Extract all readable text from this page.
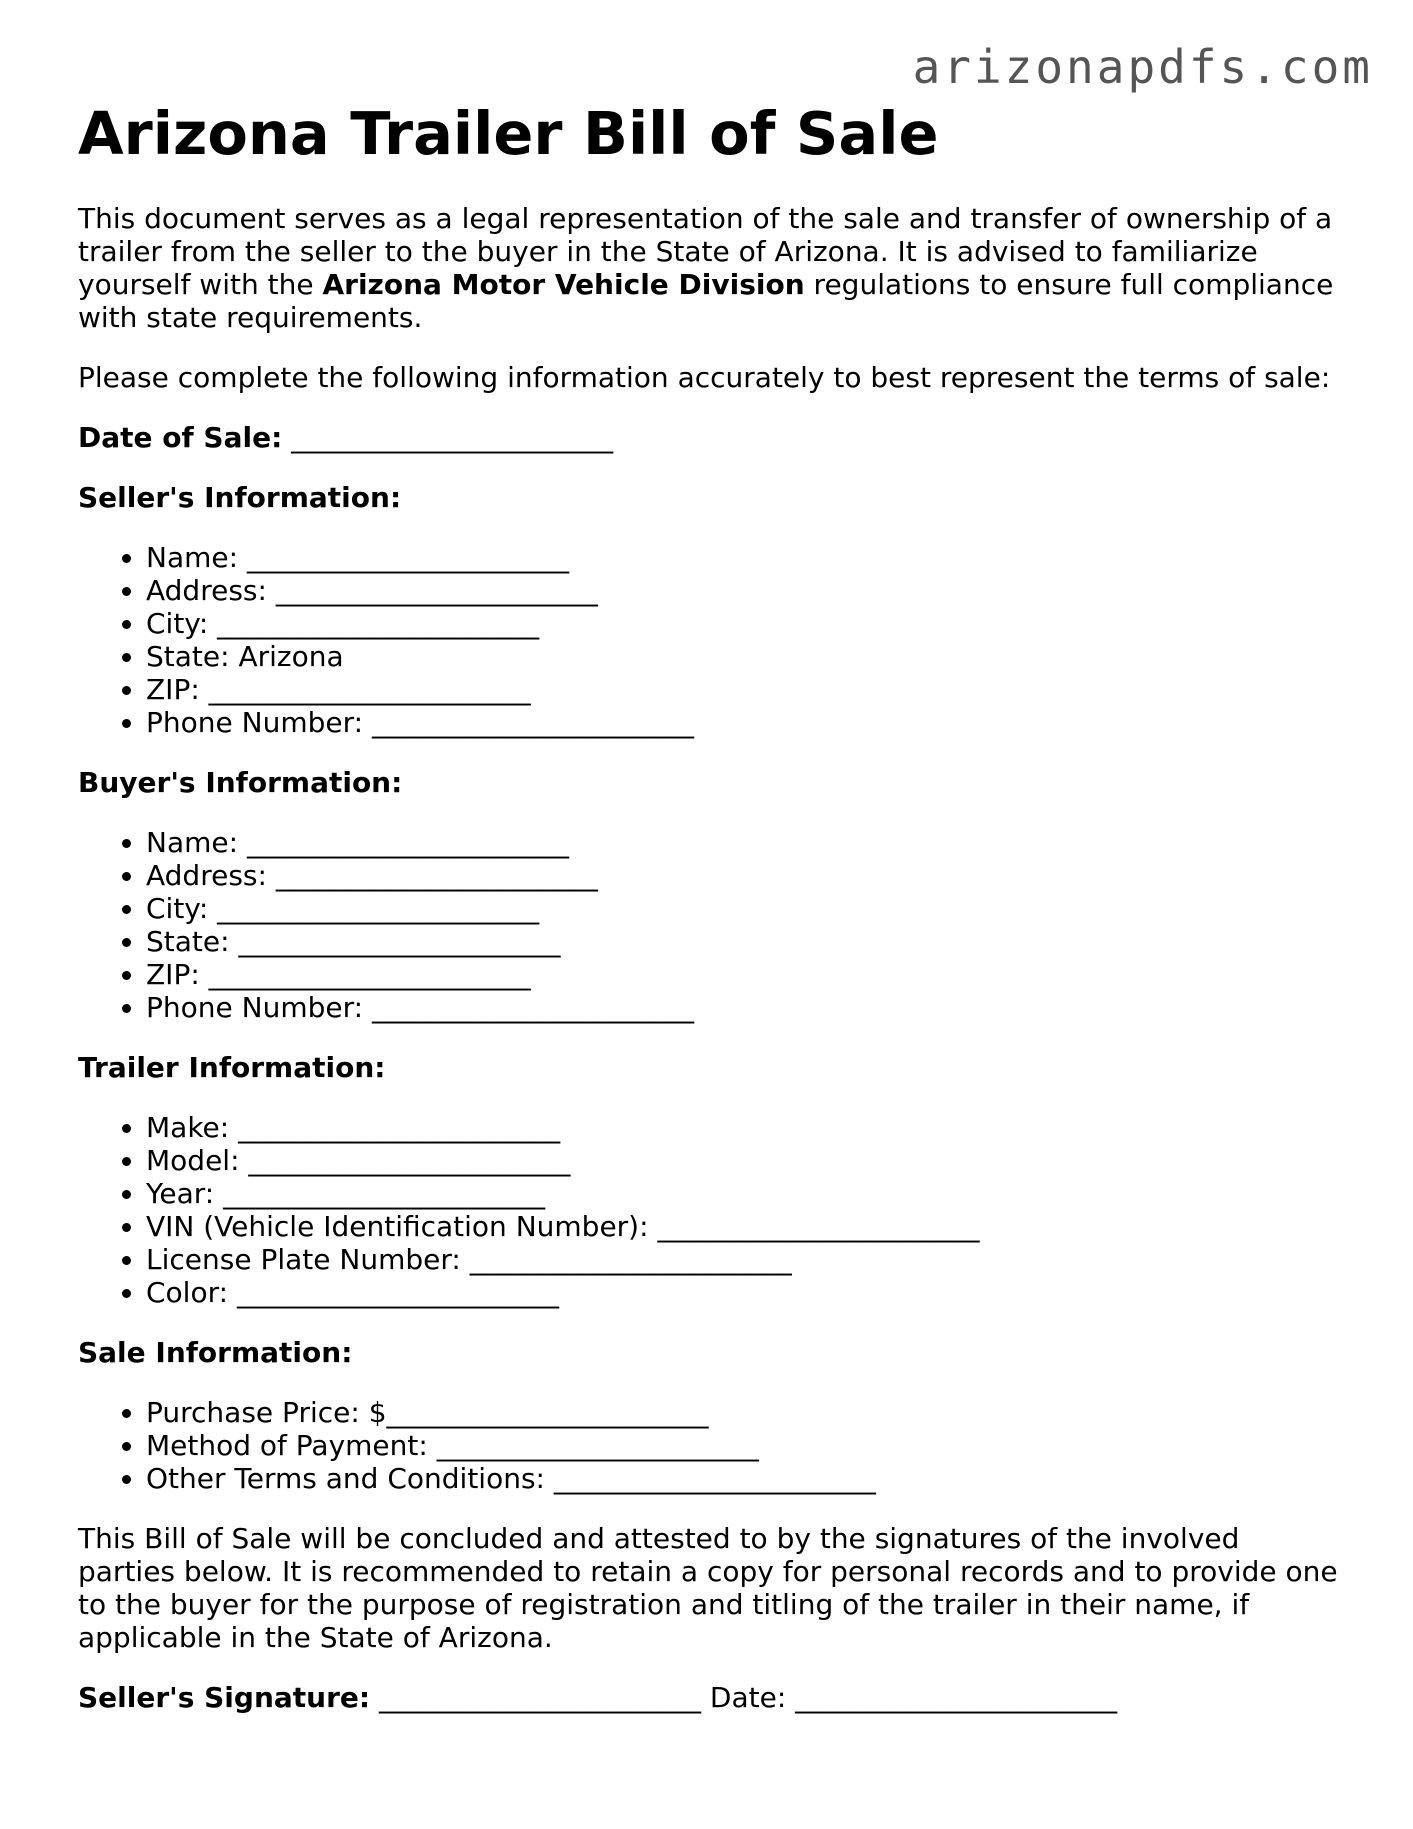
arizonapdfs.com
Arizona Trailer Bill of Sale

This document serves as a legal representation of the sale and transfer of ownership of a trailer from the seller to the buyer in the State of Arizona. It is advised to familiarize yourself with the Arizona Motor Vehicle Division regulations to ensure full compliance with state requirements.

Please complete the following information accurately to best represent the terms of sale:

Date of Sale: _______________________

Seller's Information:

• Name: _______________________
• Address: _______________________
• City: _______________________
• State: Arizona
• ZIP: _______________________
• Phone Number: _______________________

Buyer's Information:

• Name: _______________________
• Address: _______________________
• City: _______________________
• State: _______________________
• ZIP: _______________________
• Phone Number: _______________________

Trailer Information:

• Make: _______________________
• Model: _______________________
• Year: _______________________
• VIN (Vehicle Identification Number): _______________________
• License Plate Number: _______________________
• Color: _______________________

Sale Information:

• Purchase Price: $_______________________
• Method of Payment: _______________________
• Other Terms and Conditions: _______________________

This Bill of Sale will be concluded and attested to by the signatures of the involved parties below. It is recommended to retain a copy for personal records and to provide one to the buyer for the purpose of registration and titling of the trailer in their name, if applicable in the State of Arizona.

Seller's Signature: _______________________ Date: _______________________
